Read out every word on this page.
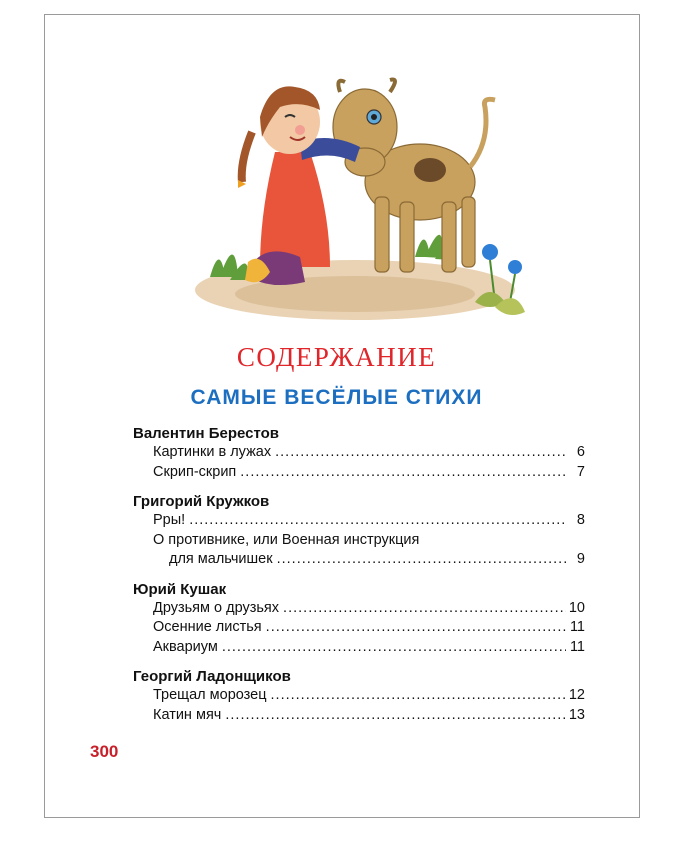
СОДЕРЖАНИЕ
САМЫЕ ВЕСЁЛЫЕ СТИХИ
Валентин Берестов
Картинки в лужах .....	6
Скрип-скрип .....	7
Григорий Кружков
Рры! .....	8
О противнике, или Военная инструкция
для мальчишек .....	9
Юрий Кушак
Друзьям о друзьях .....	10
Осенние листья .....	11
Аквариум .....	11
Георгий Ладонщиков
Трещал морозец .....	12
Катин мяч .....	13
300
